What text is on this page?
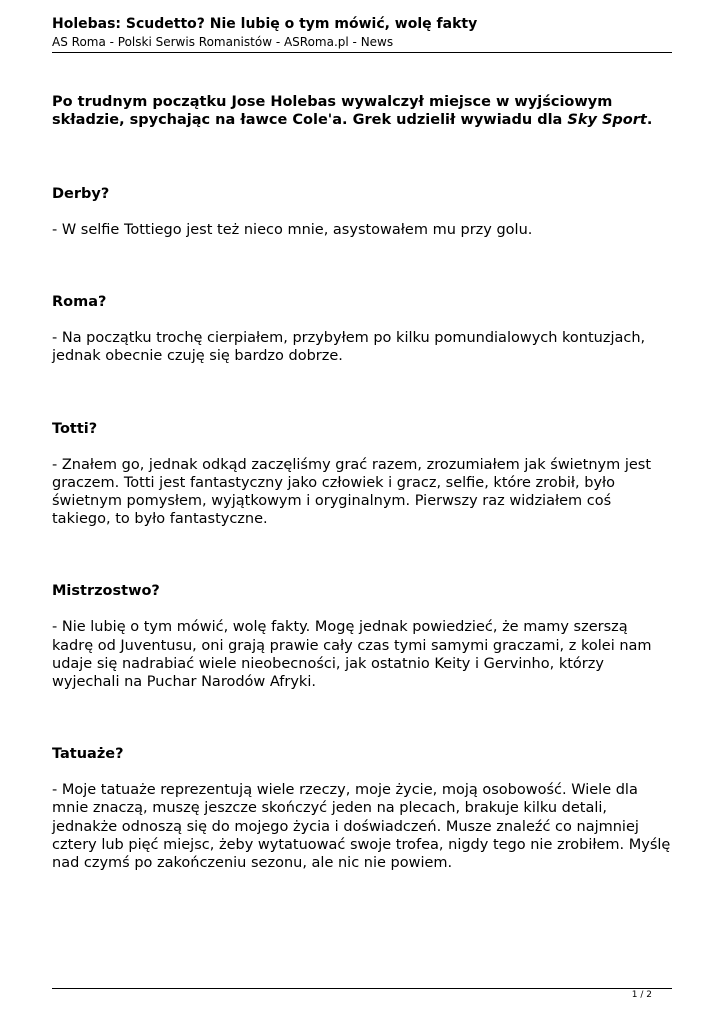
Holebas: Scudetto? Nie lubię o tym mówić, wolę fakty
AS Roma - Polski Serwis Romanistów - ASRoma.pl - News

Po trudnym początku Jose Holebas wywalczył miejsce w wyjściowym składzie, spychając na ławce Cole'a. Grek udzielił wywiadu dla Sky Sport.

Derby?

- W selfie Tottiego jest też nieco mnie, asystowałem mu przy golu.

Roma?

- Na początku trochę cierpiałem, przybyłem po kilku pomundialowych kontuzjach, jednak obecnie czuję się bardzo dobrze.

Totti?

- Znałem go, jednak odkąd zaczęliśmy grać razem, zrozumiałem jak świetnym jest graczem. Totti jest fantastyczny jako człowiek i gracz, selfie, które zrobił, było świetnym pomysłem, wyjątkowym i oryginalnym. Pierwszy raz widziałem coś takiego, to było fantastyczne.

Mistrzostwo?

- Nie lubię o tym mówić, wolę fakty. Mogę jednak powiedzieć, że mamy szerszą kadrę od Juventusu, oni grają prawie cały czas tymi samymi graczami, z kolei nam udaje się nadrabiać wiele nieobecności, jak ostatnio Keity i Gervinho, którzy wyjechali na Puchar Narodów Afryki.

Tatuaże?

- Moje tatuaże reprezentują wiele rzeczy, moje życie, moją osobowość. Wiele dla mnie znaczą, muszę jeszcze skończyć jeden na plecach, brakuje kilku detali, jednakże odnoszą się do mojego życia i doświadczeń. Musze znaleźć co najmniej cztery lub pięć miejsc, żeby wytatuować swoje trofea, nigdy tego nie zrobiłem. Myślę nad czymś po zakończeniu sezonu, ale nic nie powiem.

1 / 2
